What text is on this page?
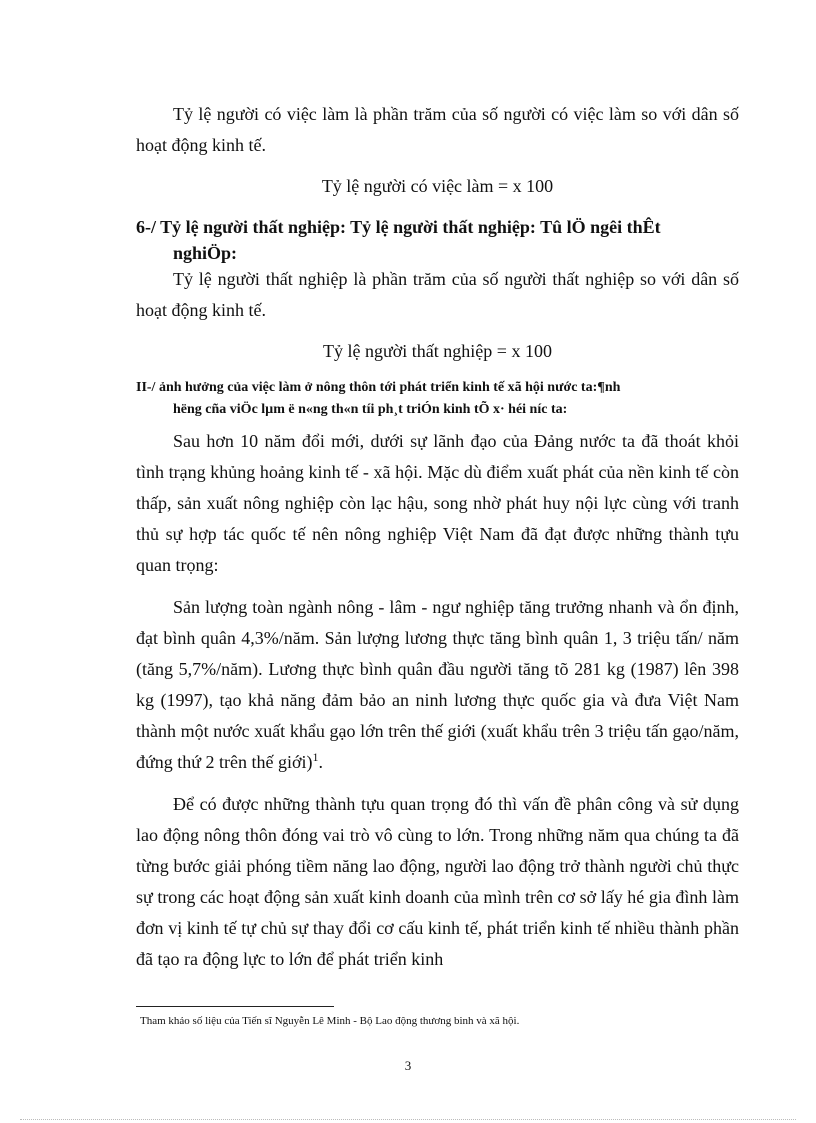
Tỷ lệ người có việc làm là phần trăm của số người có việc làm so với dân số hoạt động kinh tế.

Tỷ lệ người có việc làm = x 100

6-/ Tỷ lệ người thất nghiệp: Tỷ lệ người thất nghiệp: Tû lÖ ngêi thÊt
nghiÖp:

Tỷ lệ người thất nghiệp là phần trăm của số người thất nghiệp so với dân số hoạt động kinh tế.

Tỷ lệ người thất nghiệp = x 100

II-/ ảnh hưởng của việc làm ở nông thôn tới phát triển kinh tế xã hội nước ta:¶nh
hëng cña viÖc lµm ë n«ng th«n tíi ph¸t triÓn kinh tÕ x· héi níc ta:

Sau hơn 10 năm đổi mới, dưới sự lãnh đạo của Đảng nước ta đã thoát khỏi tình trạng khủng hoảng kinh tế - xã hội. Mặc dù điểm xuất phát của nền kinh tế còn thấp, sản xuất nông nghiệp còn lạc hậu, song nhờ phát huy nội lực cùng với tranh thủ sự hợp tác quốc tế nên nông nghiệp Việt Nam đã đạt được những thành tựu quan trọng:

Sản lượng toàn ngành nông - lâm - ngư nghiệp tăng trưởng nhanh và ổn định, đạt bình quân 4,3%/năm. Sản lượng lương thực tăng bình quân 1, 3 triệu tấn/ năm (tăng 5,7%/năm). Lương thực bình quân đầu người tăng tõ 281 kg (1987) lên 398 kg (1997), tạo khả năng đảm bảo an ninh lương thực quốc gia và đưa Việt Nam thành một nước xuất khẩu gạo lớn trên thế giới (xuất khẩu trên 3 triệu tấn gạo/năm, đứng thứ 2 trên thế giới)$^1$.

Để có được những thành tựu quan trọng đó thì vấn đề phân công và sử dụng lao động nông thôn đóng vai trò vô cùng to lớn. Trong những năm qua chúng ta đã từng bước giải phóng tiềm năng lao động, người lao động trở thành người chủ thực sự trong các hoạt động sản xuất kinh doanh của mình trên cơ sở lấy hé gia đình làm đơn vị kinh tế tự chủ sự thay đổi cơ cấu kinh tế, phát triển kinh tế nhiều thành phần đã tạo ra động lực to lớn để phát triển kinh

Tham khảo số liệu của Tiến sĩ Nguyễn Lê Minh - Bộ Lao động thương binh và xã hội.

3
